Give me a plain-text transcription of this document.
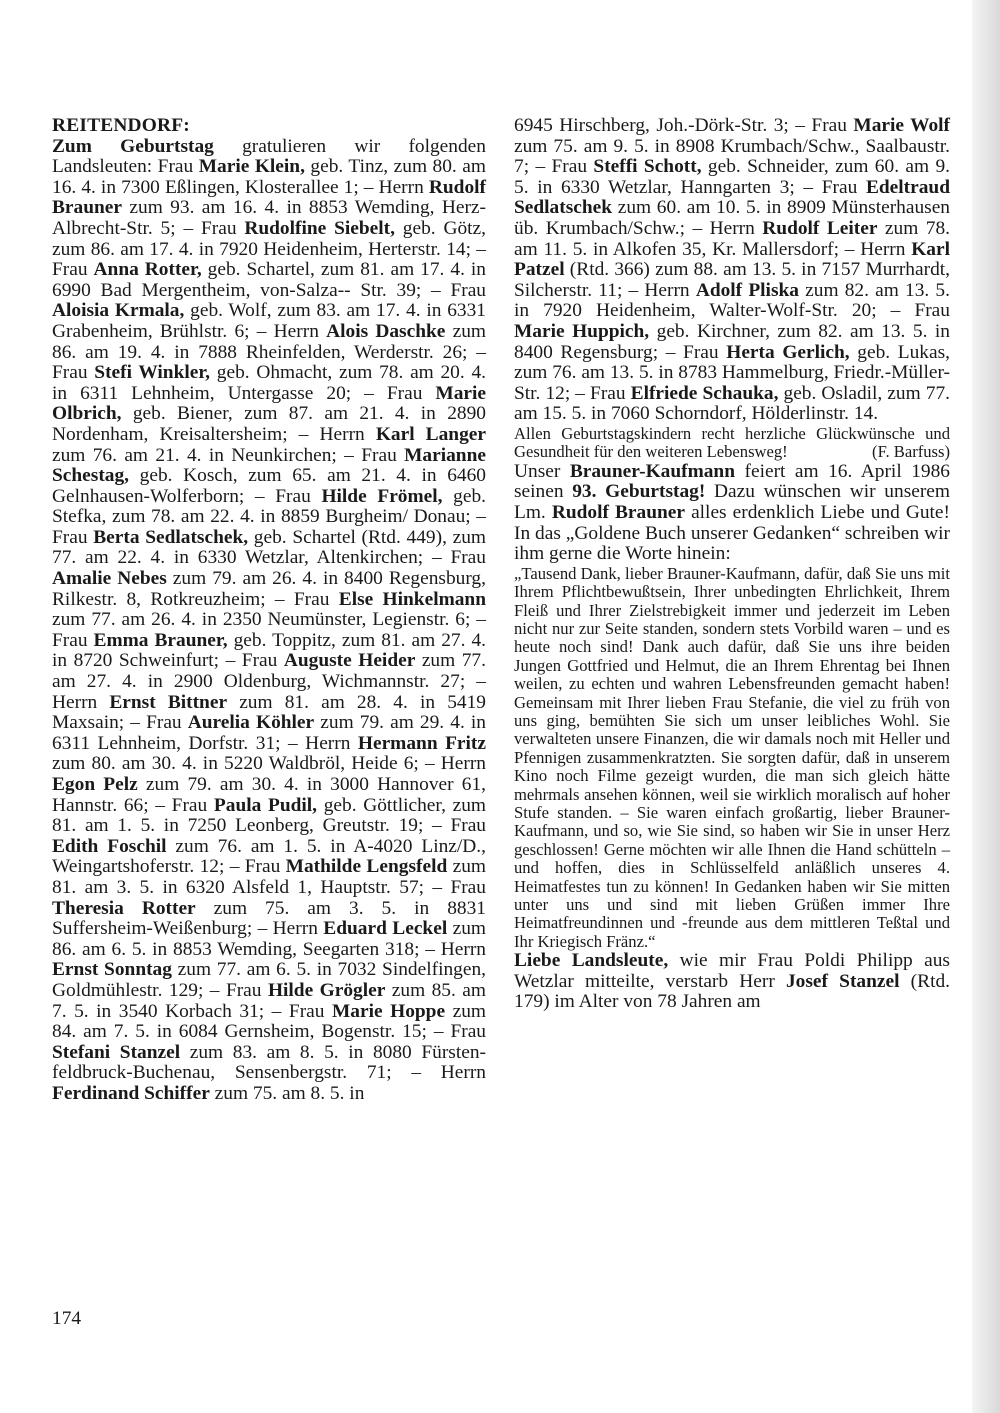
REITENDORF:

Zum Geburtstag gratulieren wir folgenden Landsleuten: Frau Marie Klein, geb. Tinz, zum 80. am 16. 4. in 7300 Eßlingen, Klosterallee 1; – Herrn Rudolf Brauner zum 93. am 16. 4. in 8853 Wemding, Herz-Albrecht-Str. 5; – Frau Rudolfine Siebelt, geb. Götz, zum 86. am 17. 4. in 7920 Heidenheim, Herterstr. 14; – Frau Anna Rotter, geb. Schartel, zum 81. am 17. 4. in 6990 Bad Mergentheim, von-Salza-- Str. 39; – Frau Aloisia Krmala, geb. Wolf, zum 83. am 17. 4. in 6331 Grabenheim, Brühlstr. 6; – Herrn Alois Daschke zum 86. am 19. 4. in 7888 Rheinfelden, Werderstr. 26; – Frau Stefi Winkler, geb. Ohmacht, zum 78. am 20. 4. in 6311 Lehnheim, Untergasse 20; – Frau Marie Olbrich, geb. Biener, zum 87. am 21. 4. in 2890 Nordenham, Kreisaltersheim; – Herrn Karl Langer zum 76. am 21. 4. in Neunkirchen; – Frau Marianne Schestag, geb. Kosch, zum 65. am 21. 4. in 6460 Gelnhausen-Wolferborn; – Frau Hilde Frömel, geb. Stefka, zum 78. am 22. 4. in 8859 Burgheim/ Donau; – Frau Berta Sedlatschek, geb. Schartel (Rtd. 449), zum 77. am 22. 4. in 6330 Wetzlar, Altenkirchen; – Frau Amalie Nebes zum 79. am 26. 4. in 8400 Regensburg, Rilkestr. 8, Rotkreuzheim; – Frau Else Hinkelmann zum 77. am 26. 4. in 2350 Neumünster, Legienstr. 6; – Frau Emma Brauner, geb. Toppitz, zum 81. am 27. 4. in 8720 Schweinfurt; – Frau Auguste Heider zum 77. am 27. 4. in 2900 Oldenburg, Wichmannstr. 27; – Herrn Ernst Bittner zum 81. am 28. 4. in 5419 Maxsain; – Frau Aurelia Köhler zum 79. am 29. 4. in 6311 Lehnheim, Dorfstr. 31; – Herrn Hermann Fritz zum 80. am 30. 4. in 5220 Waldbröl, Heide 6; – Herrn Egon Pelz zum 79. am 30. 4. in 3000 Hannover 61, Hannstr. 66; – Frau Paula Pudil, geb. Göttlicher, zum 81. am 1. 5. in 7250 Leonberg, Greutstr. 19; – Frau Edith Foschil zum 76. am 1. 5. in A-4020 Linz/D., Weingartshoferstr. 12; – Frau Mathilde Lengsfeld zum 81. am 3. 5. in 6320 Alsfeld 1, Hauptstr. 57; – Frau Theresia Rotter zum 75. am 3. 5. in 8831 Suffersheim-Weißenburg; – Herrn Eduard Leckel zum 86. am 6. 5. in 8853 Wemding, Seegarten 318; – Herrn Ernst Sonntag zum 77. am 6. 5. in 7032 Sindelfingen, Goldmühlestr. 129; – Frau Hilde Grögler zum 85. am 7. 5. in 3540 Korbach 31; – Frau Marie Hoppe zum 84. am 7. 5. in 6084 Gernsheim, Bogenstr. 15; – Frau Stefani Stanzel zum 83. am 8. 5. in 8080 Fürstenfeldbruck-Buchenau, Sensenbergstr. 71; – Herrn Ferdinand Schiffer zum 75. am 8. 5. in

6945 Hirschberg, Joh.-Dörk-Str. 3; – Frau Marie Wolf zum 75. am 9. 5. in 8908 Krumbach/Schw., Saalbaustr. 7; – Frau Steffi Schott, geb. Schneider, zum 60. am 9. 5. in 6330 Wetzlar, Hanngarten 3; – Frau Edeltraud Sedlatschek zum 60. am 10. 5. in 8909 Münsterhausen üb. Krumbach/Schw.; – Herrn Rudolf Leiter zum 78. am 11. 5. in Alkofen 35, Kr. Mallersdorf; – Herrn Karl Patzel (Rtd. 366) zum 88. am 13. 5. in 7157 Murrhardt, Silcherstr. 11; – Herrn Adolf Pliska zum 82. am 13. 5. in 7920 Heidenheim, Walter-Wolf-Str. 20; – Frau Marie Huppich, geb. Kirchner, zum 82. am 13. 5. in 8400 Regensburg; – Frau Herta Gerlich, geb. Lukas, zum 76. am 13. 5. in 8783 Hammelburg, Friedr.-Müller-Str. 12; – Frau Elfriede Schauka, geb. Osladil, zum 77. am 15. 5. in 7060 Schorndorf, Hölderlinstr. 14.

Allen Geburtstagskindern recht herzliche Glückwünsche und Gesundheit für den weiteren Lebensweg!	(F. Barfuss)

Unser Brauner-Kaufmann feiert am 16. April 1986 seinen 93. Geburtstag! Dazu wünschen wir unserem Lm. Rudolf Brauner alles erdenklich Liebe und Gute! In das „Goldene Buch unserer Gedanken“ schreiben wir ihm gerne die Worte hinein:

„Tausend Dank, lieber Brauner-Kaufmann, dafür, daß Sie uns mit Ihrem Pflichtbewußtsein, Ihrer unbedingten Ehrlichkeit, Ihrem Fleiß und Ihrer Zielstrebigkeit immer und jederzeit im Leben nicht nur zur Seite standen, sondern stets Vorbild waren – und es heute noch sind! Dank auch dafür, daß Sie uns ihre beiden Jungen Gottfried und Helmut, die an Ihrem Ehrentag bei Ihnen weilen, zu echten und wahren Lebensfreunden gemacht haben! Gemeinsam mit Ihrer lieben Frau Stefanie, die viel zu früh von uns ging, bemühten Sie sich um unser leibliches Wohl. Sie verwalteten unsere Finanzen, die wir damals noch mit Heller und Pfennigen zusammenkratzten. Sie sorgten dafür, daß in unserem Kino noch Filme gezeigt wurden, die man sich gleich hätte mehrmals ansehen können, weil sie wirklich moralisch auf hoher Stufe standen. – Sie waren einfach großartig, lieber Brauner-Kaufmann, und so, wie Sie sind, so haben wir Sie in unser Herz geschlossen! Gerne möchten wir alle Ihnen die Hand schütteln – und hoffen, dies in Schlüsselfeld anläßlich unseres 4. Heimatfestes tun zu können! In Gedanken haben wir Sie mitten unter uns und sind mit lieben Grüßen immer Ihre Heimatfreundinnen und -freunde aus dem mittleren Teßtal und Ihr Kriegisch Fränz.“

Liebe Landsleute, wie mir Frau Poldi Philipp aus Wetzlar mitteilte, verstarb Herr Josef Stanzel (Rtd. 179) im Alter von 78 Jahren am

174
